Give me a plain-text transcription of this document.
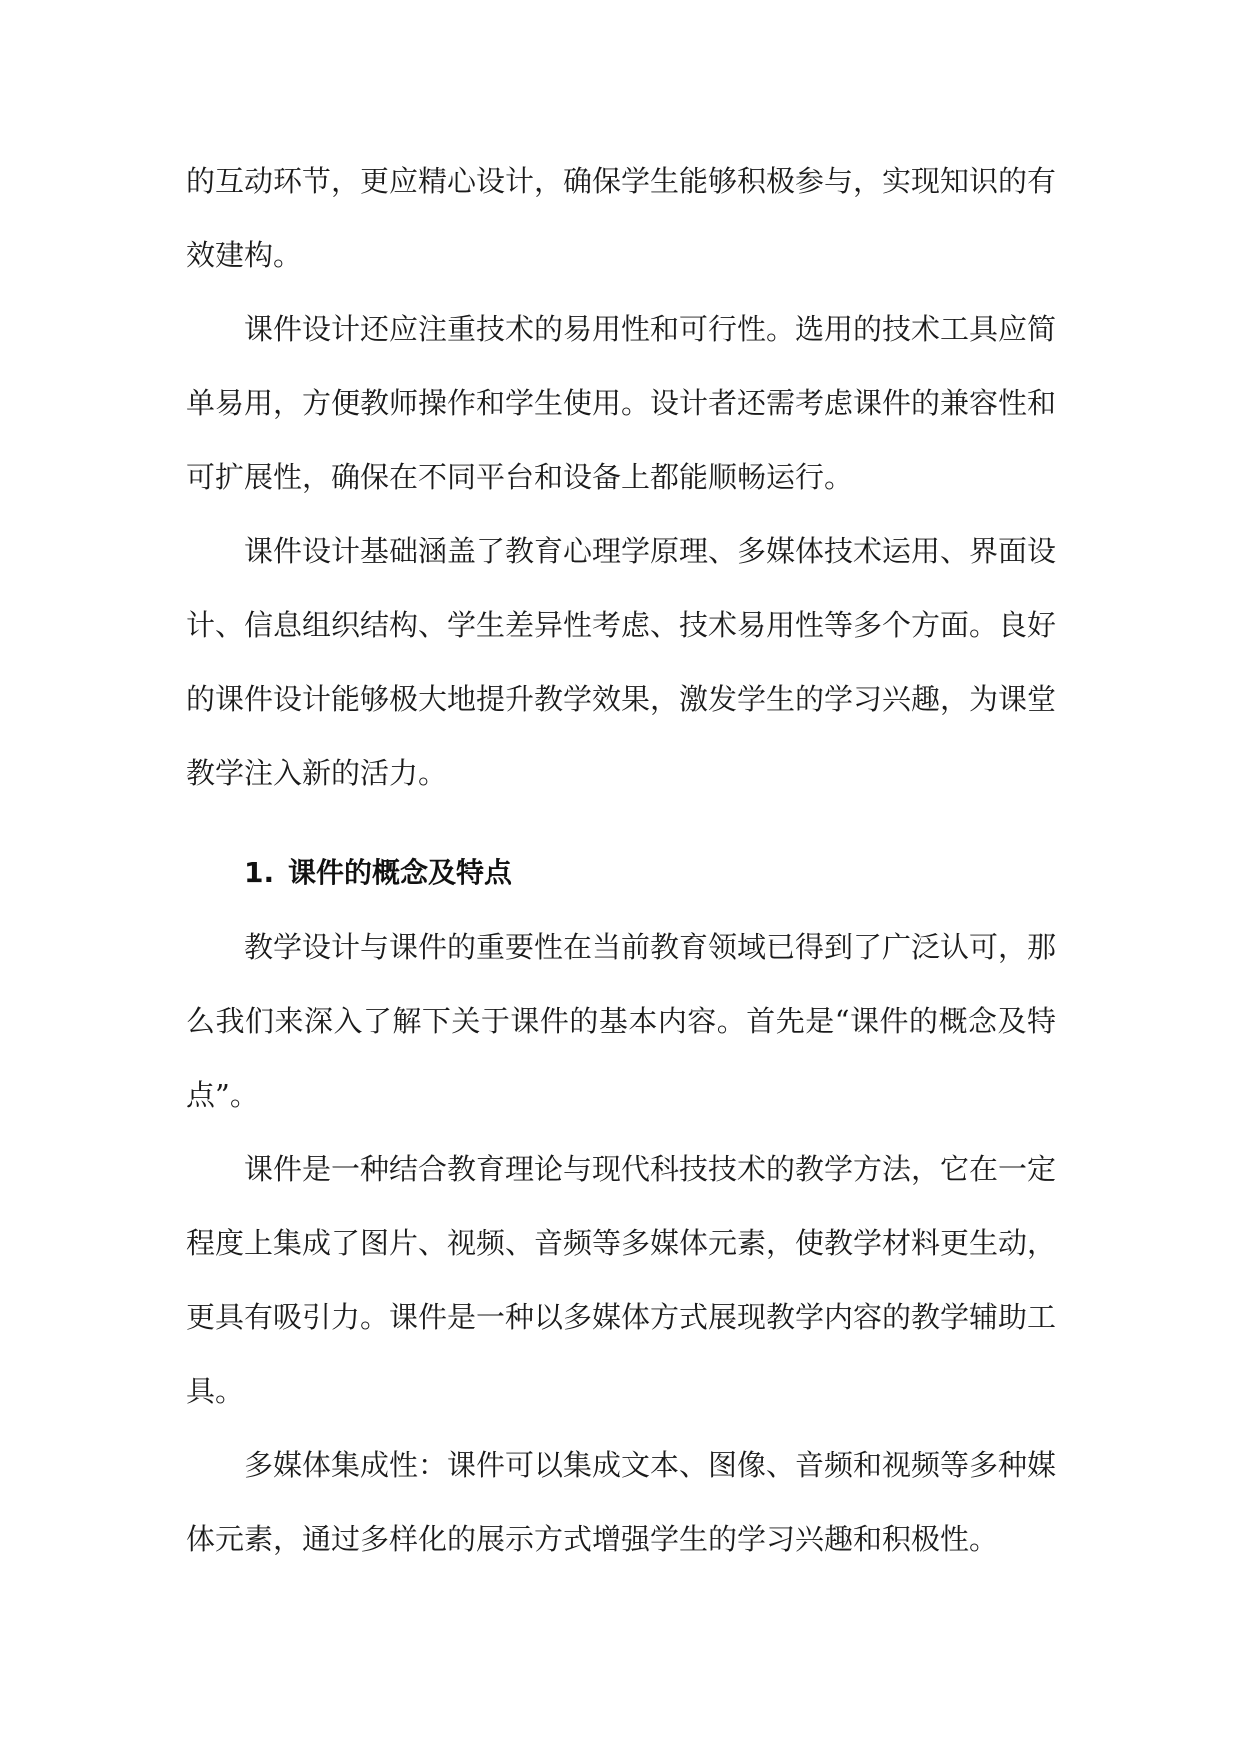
的互动环节，更应精心设计，确保学生能够积极参与，实现知识的有效建构。

课件设计还应注重技术的易用性和可行性。选用的技术工具应简单易用，方便教师操作和学生使用。设计者还需考虑课件的兼容性和可扩展性，确保在不同平台和设备上都能顺畅运行。

课件设计基础涵盖了教育心理学原理、多媒体技术运用、界面设计、信息组织结构、学生差异性考虑、技术易用性等多个方面。良好的课件设计能够极大地提升教学效果，激发学生的学习兴趣，为课堂教学注入新的活力。

1. 课件的概念及特点

教学设计与课件的重要性在当前教育领域已得到了广泛认可，那么我们来深入了解下关于课件的基本内容。首先是“课件的概念及特点”。

课件是一种结合教育理论与现代科技技术的教学方法，它在一定程度上集成了图片、视频、音频等多媒体元素，使教学材料更生动，更具有吸引力。课件是一种以多媒体方式展现教学内容的教学辅助工具。

多媒体集成性：课件可以集成文本、图像、音频和视频等多种媒体元素，通过多样化的展示方式增强学生的学习兴趣和积极性。
